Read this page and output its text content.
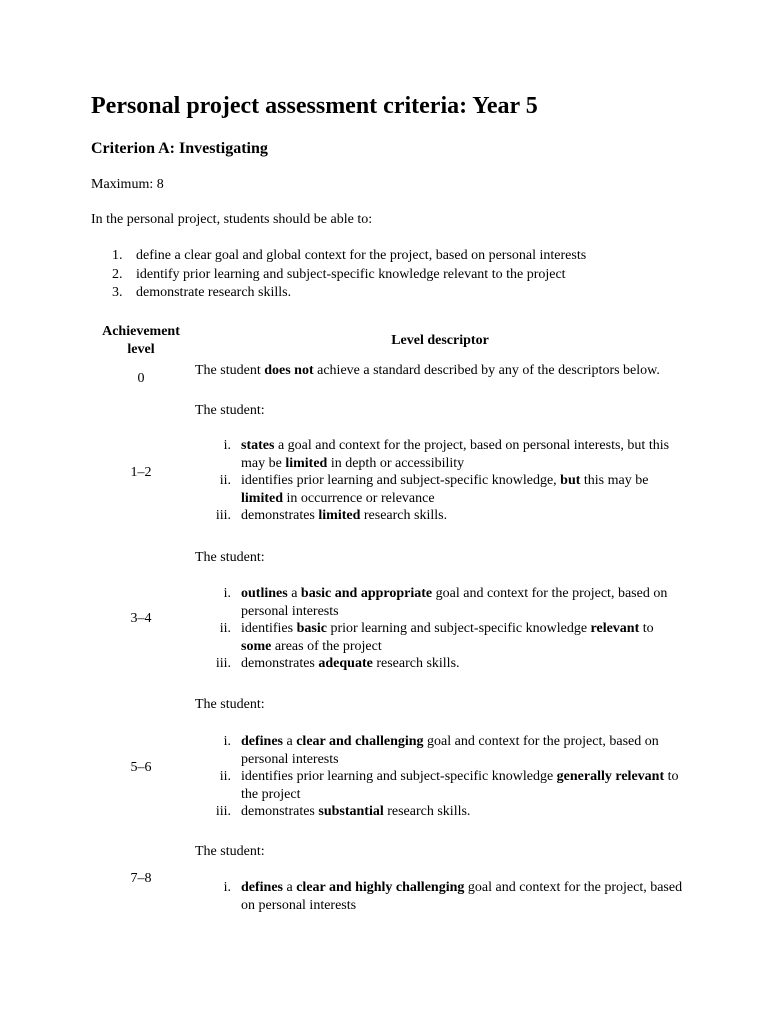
Personal project assessment criteria: Year 5
Criterion A: Investigating

Maximum: 8

In the personal project, students should be able to:

1. define a clear goal and global context for the project, based on personal interests
2. identify prior learning and subject-specific knowledge relevant to the project
3. demonstrate research skills.
Achievement level
Level descriptor
0

The student does not achieve a standard described by any of the descriptors below.

The student:
1–2
i. states a goal and context for the project, based on personal interests, but this may be limited in depth or accessibility
ii. identifies prior learning and subject-specific knowledge, but this may be limited in occurrence or relevance
iii. demonstrates limited research skills.
The student:
3–4
i. outlines a basic and appropriate goal and context for the project, based on personal interests
ii. identifies basic prior learning and subject-specific knowledge relevant to some areas of the project
iii. demonstrates adequate research skills.
The student:
5–6
i. defines a clear and challenging goal and context for the project, based on personal interests
ii. identifies prior learning and subject-specific knowledge generally relevant to the project
iii. demonstrates substantial research skills.
The student:
7–8
i. defines a clear and highly challenging goal and context for the project, based on personal interests
